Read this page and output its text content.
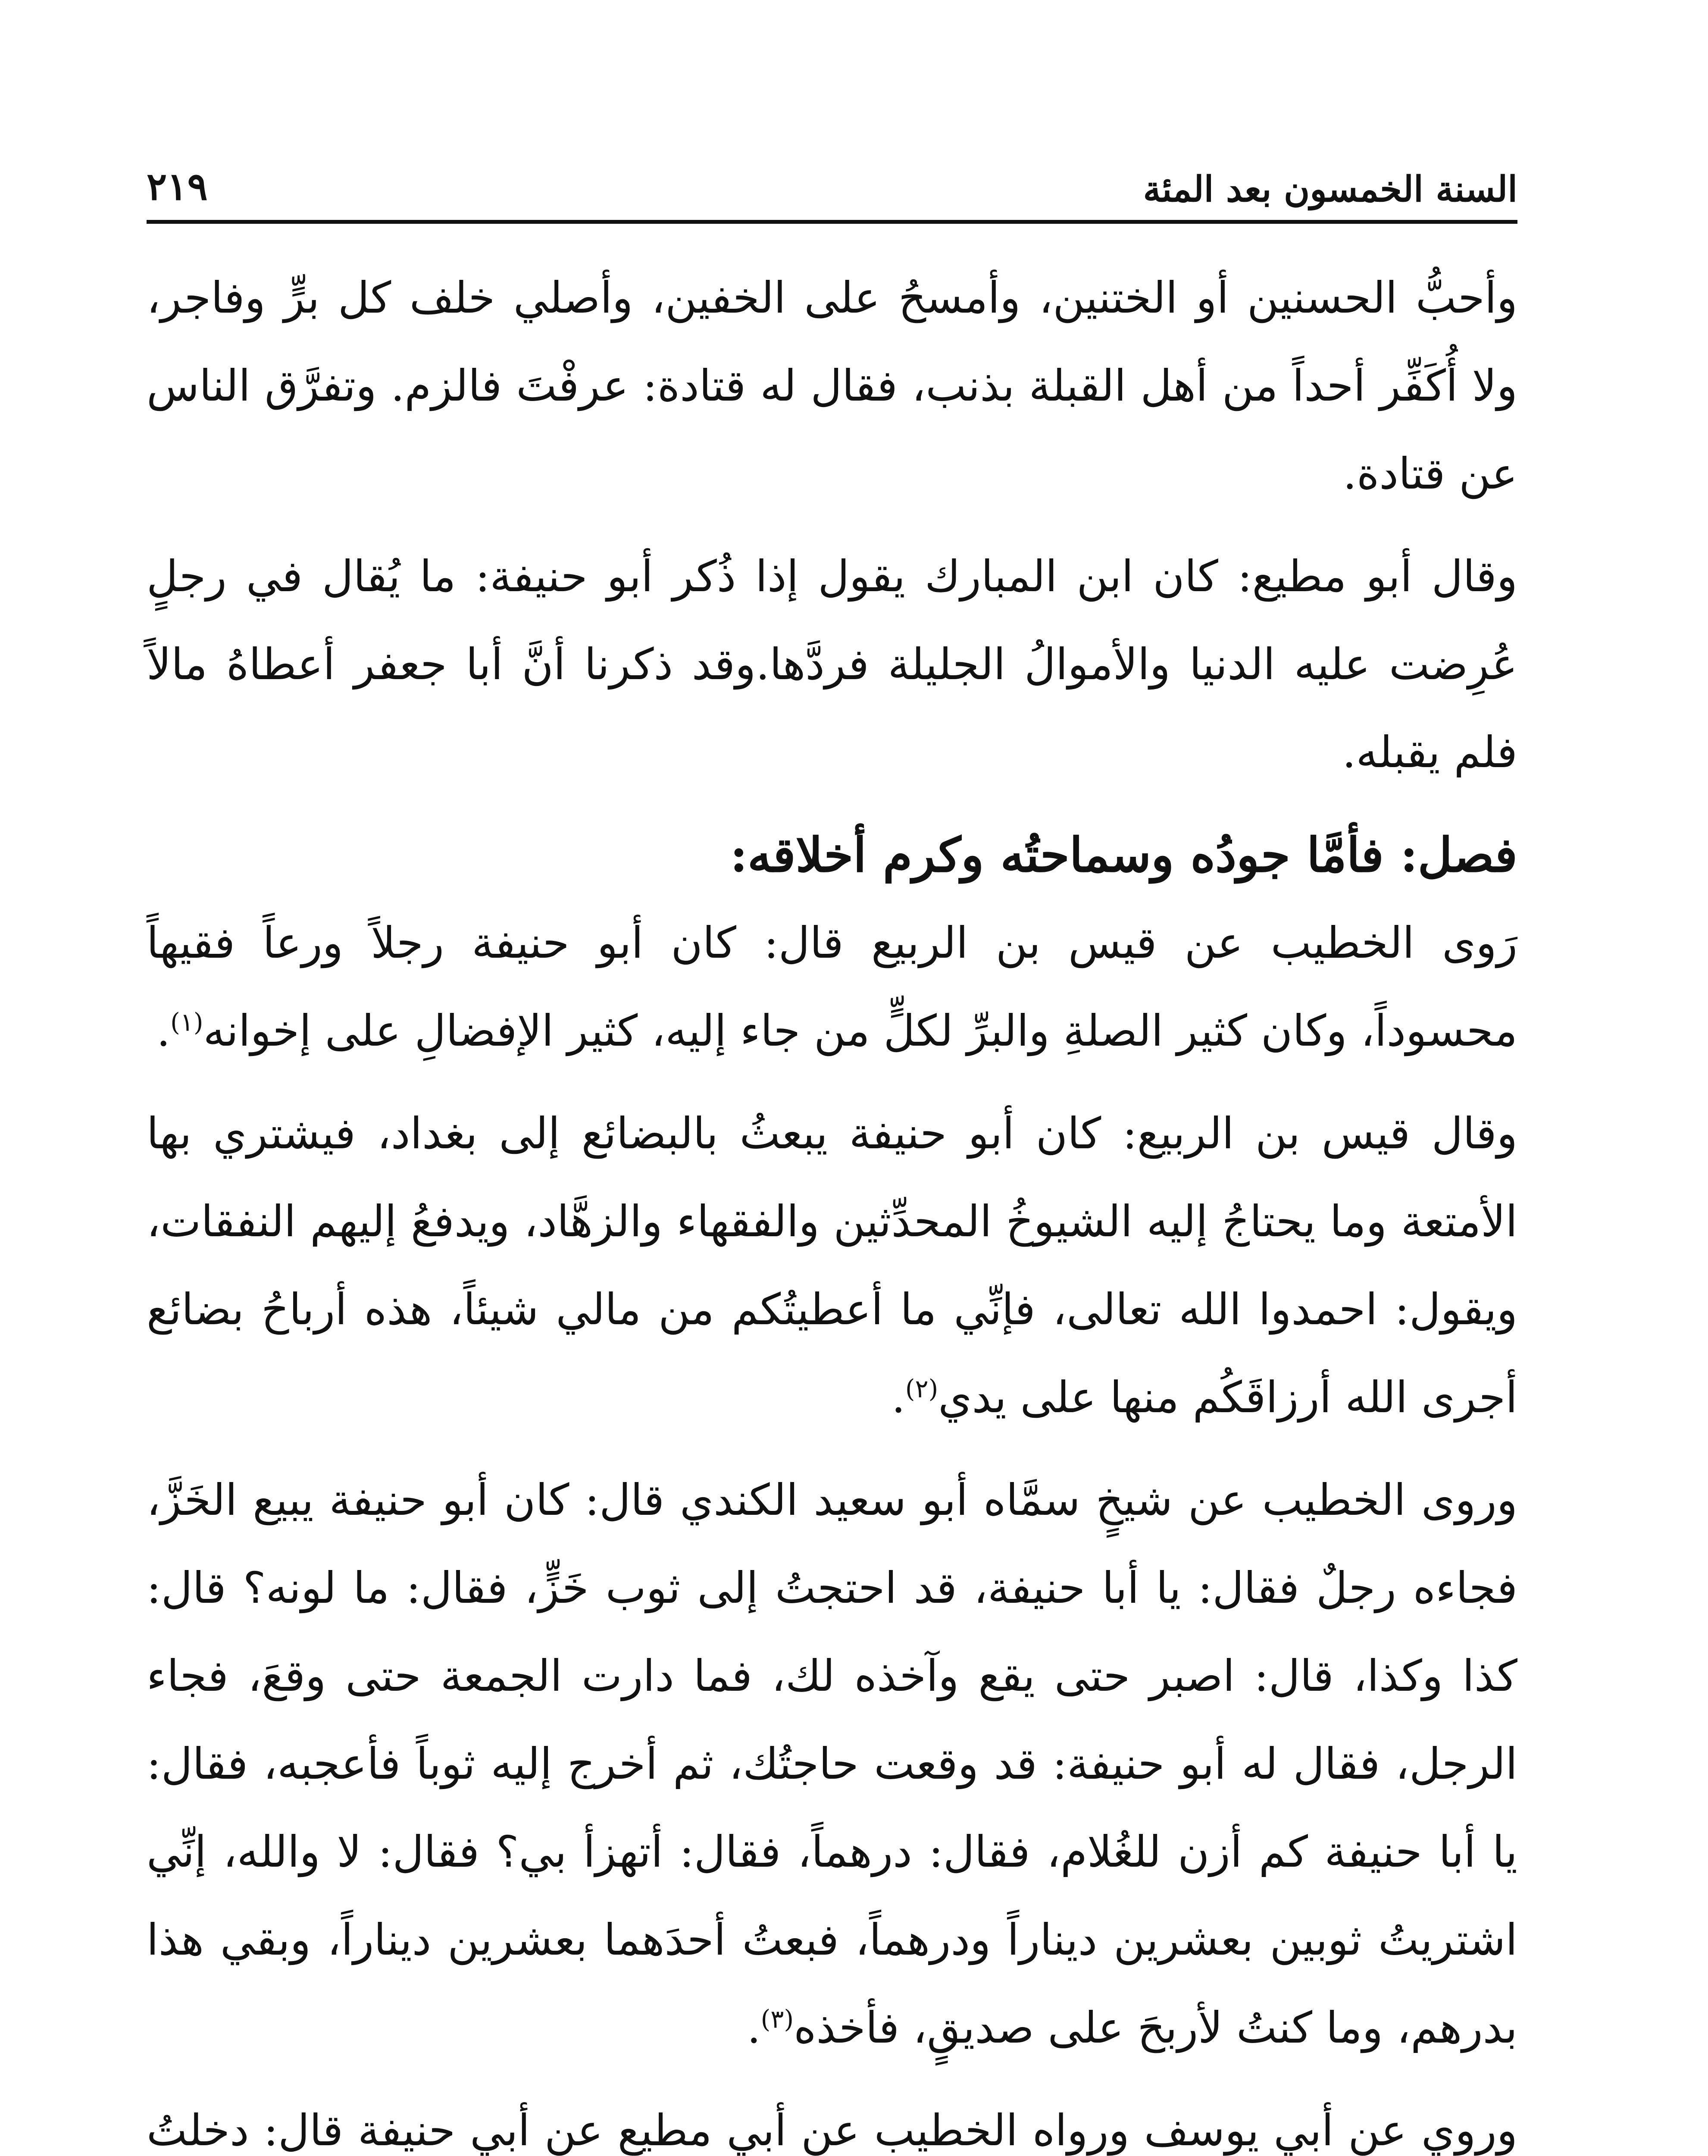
السنة الخمسون بعد المئة
٢١٩

وأحبُّ الحسنين أو الختنين، وأمسحُ على الخفين، وأصلي خلف كل برٍّ وفاجر، ولا أُكَفِّر أحداً من أهل القبلة بذنب، فقال له قتادة: عرفْتَ فالزم. وتفرَّق الناس عن قتادة.

وقال أبو مطيع: كان ابن المبارك يقول إذا ذُكر أبو حنيفة: ما يُقال في رجلٍ عُرِضت عليه الدنيا والأموالُ الجليلة فردَّها.وقد ذكرنا أنَّ أبا جعفر أعطاهُ مالاً فلم يقبله.

فصل: فأمَّا جودُه وسماحتُه وكرم أخلاقه:

رَوى الخطيب عن قيس بن الربيع قال: كان أبو حنيفة رجلاً ورعاً فقيهاً محسوداً، وكان كثير الصلةِ والبرِّ لكلٍّ من جاء إليه، كثير الإفضالِ على إخوانه$^{(١)}$.

وقال قيس بن الربيع: كان أبو حنيفة يبعثُ بالبضائع إلى بغداد، فيشتري بها الأمتعة وما يحتاجُ إليه الشيوخُ المحدِّثين والفقهاء والزهَّاد، ويدفعُ إليهم النفقات، ويقول: احمدوا الله تعالى، فإنِّي ما أعطيتُكم من مالي شيئاً، هذه أرباحُ بضائع أجرى الله أرزاقَكُم منها على يدي$^{(٢)}$.

وروى الخطيب عن شيخٍ سمَّاه أبو سعيد الكندي قال: كان أبو حنيفة يبيع الخَزَّ، فجاءه رجلٌ فقال: يا أبا حنيفة، قد احتجتُ إلى ثوب خَزٍّ، فقال: ما لونه؟ قال: كذا وكذا، قال: اصبر حتى يقع وآخذه لك، فما دارت الجمعة حتى وقعَ، فجاء الرجل، فقال له أبو حنيفة: قد وقعت حاجتُك، ثم أخرج إليه ثوباً فأعجبه، فقال: يا أبا حنيفة كم أزن للغُلام، فقال: درهماً، فقال: أتهزأ بي؟ فقال: لا والله، إنِّي اشتريتُ ثوبين بعشرين ديناراً ودرهماً، فبعتُ أحدَهما بعشرين ديناراً، وبقي هذا بدرهم، وما كنتُ لأربحَ على صديقٍ، فأخذه$^{(٣)}$.

وروي عن أبي يوسف ورواه الخطيب عن أبي مطيع عن أبي حنيفة قال: دخلتُ
